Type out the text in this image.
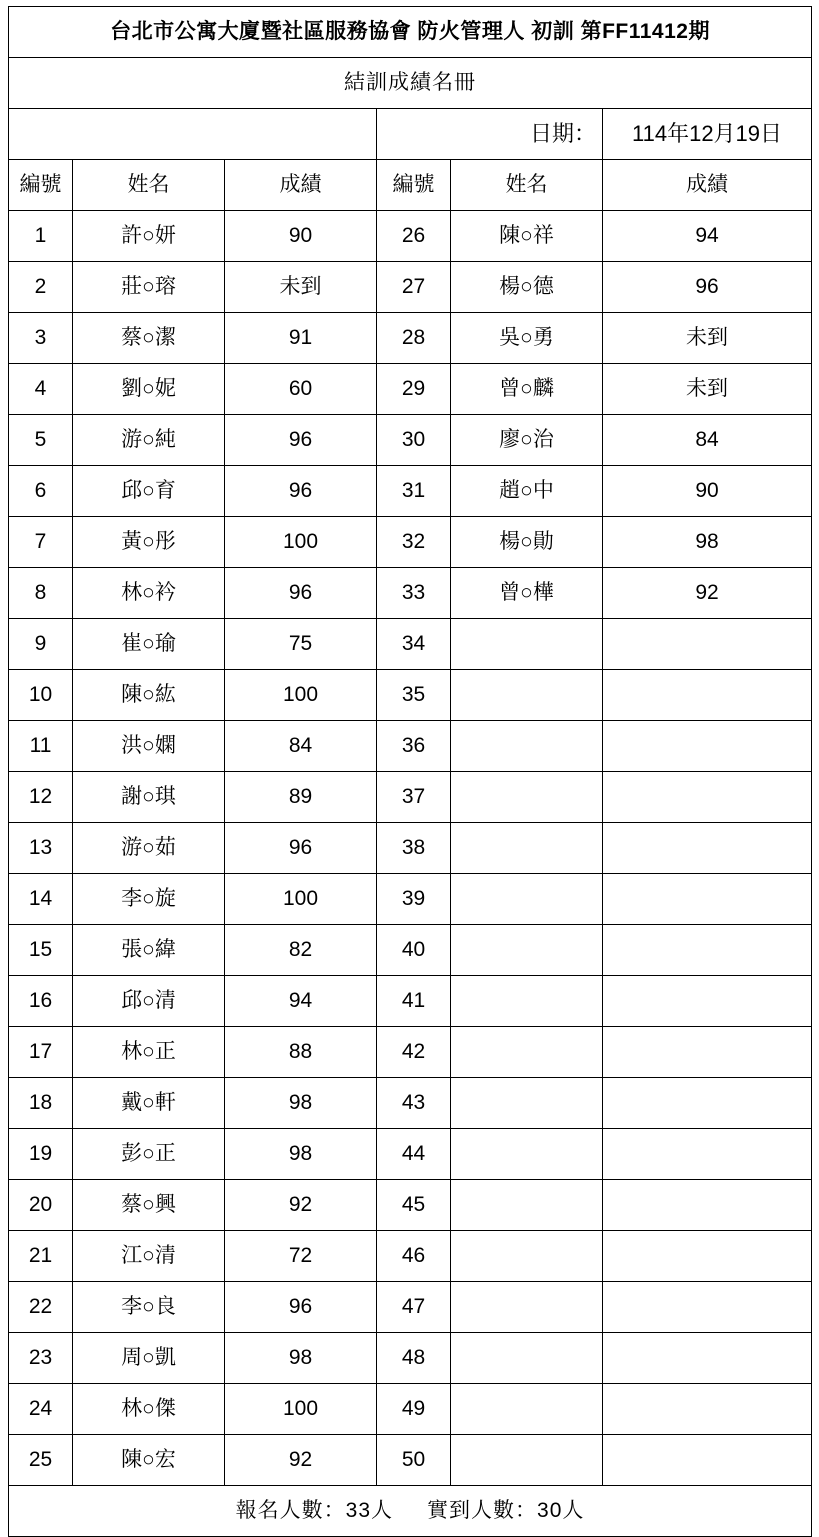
台北市公寓大廈暨社區服務協會 防火管理人 初訓 第FF11412期					
結訓成績名冊					
			日期：		114年12月19日
編號	姓名	成績	編號	姓名	成績
1	許○妍	90	26	陳○祥	94
2	莊○瑢	未到	27	楊○德	96
3	蔡○潔	91	28	吳○勇	未到
4	劉○妮	60	29	曾○麟	未到
5	游○純	96	30	廖○治	84
6	邱○育	96	31	趙○中	90
7	黃○彤	100	32	楊○勛	98
8	林○衿	96	33	曾○樺	92
9	崔○瑜	75	34		
10	陳○紘	100	35		
11	洪○嫻	84	36		
12	謝○琪	89	37		
13	游○茹	96	38		
14	李○旋	100	39		
15	張○緯	82	40		
16	邱○清	94	41		
17	林○正	88	42		
18	戴○軒	98	43		
19	彭○正	98	44		
20	蔡○興	92	45		
21	江○清	72	46		
22	李○良	96	47		
23	周○凱	98	48		
24	林○傑	100	49		
25	陳○宏	92	50		

報名人數：33人 實到人數：30人					
